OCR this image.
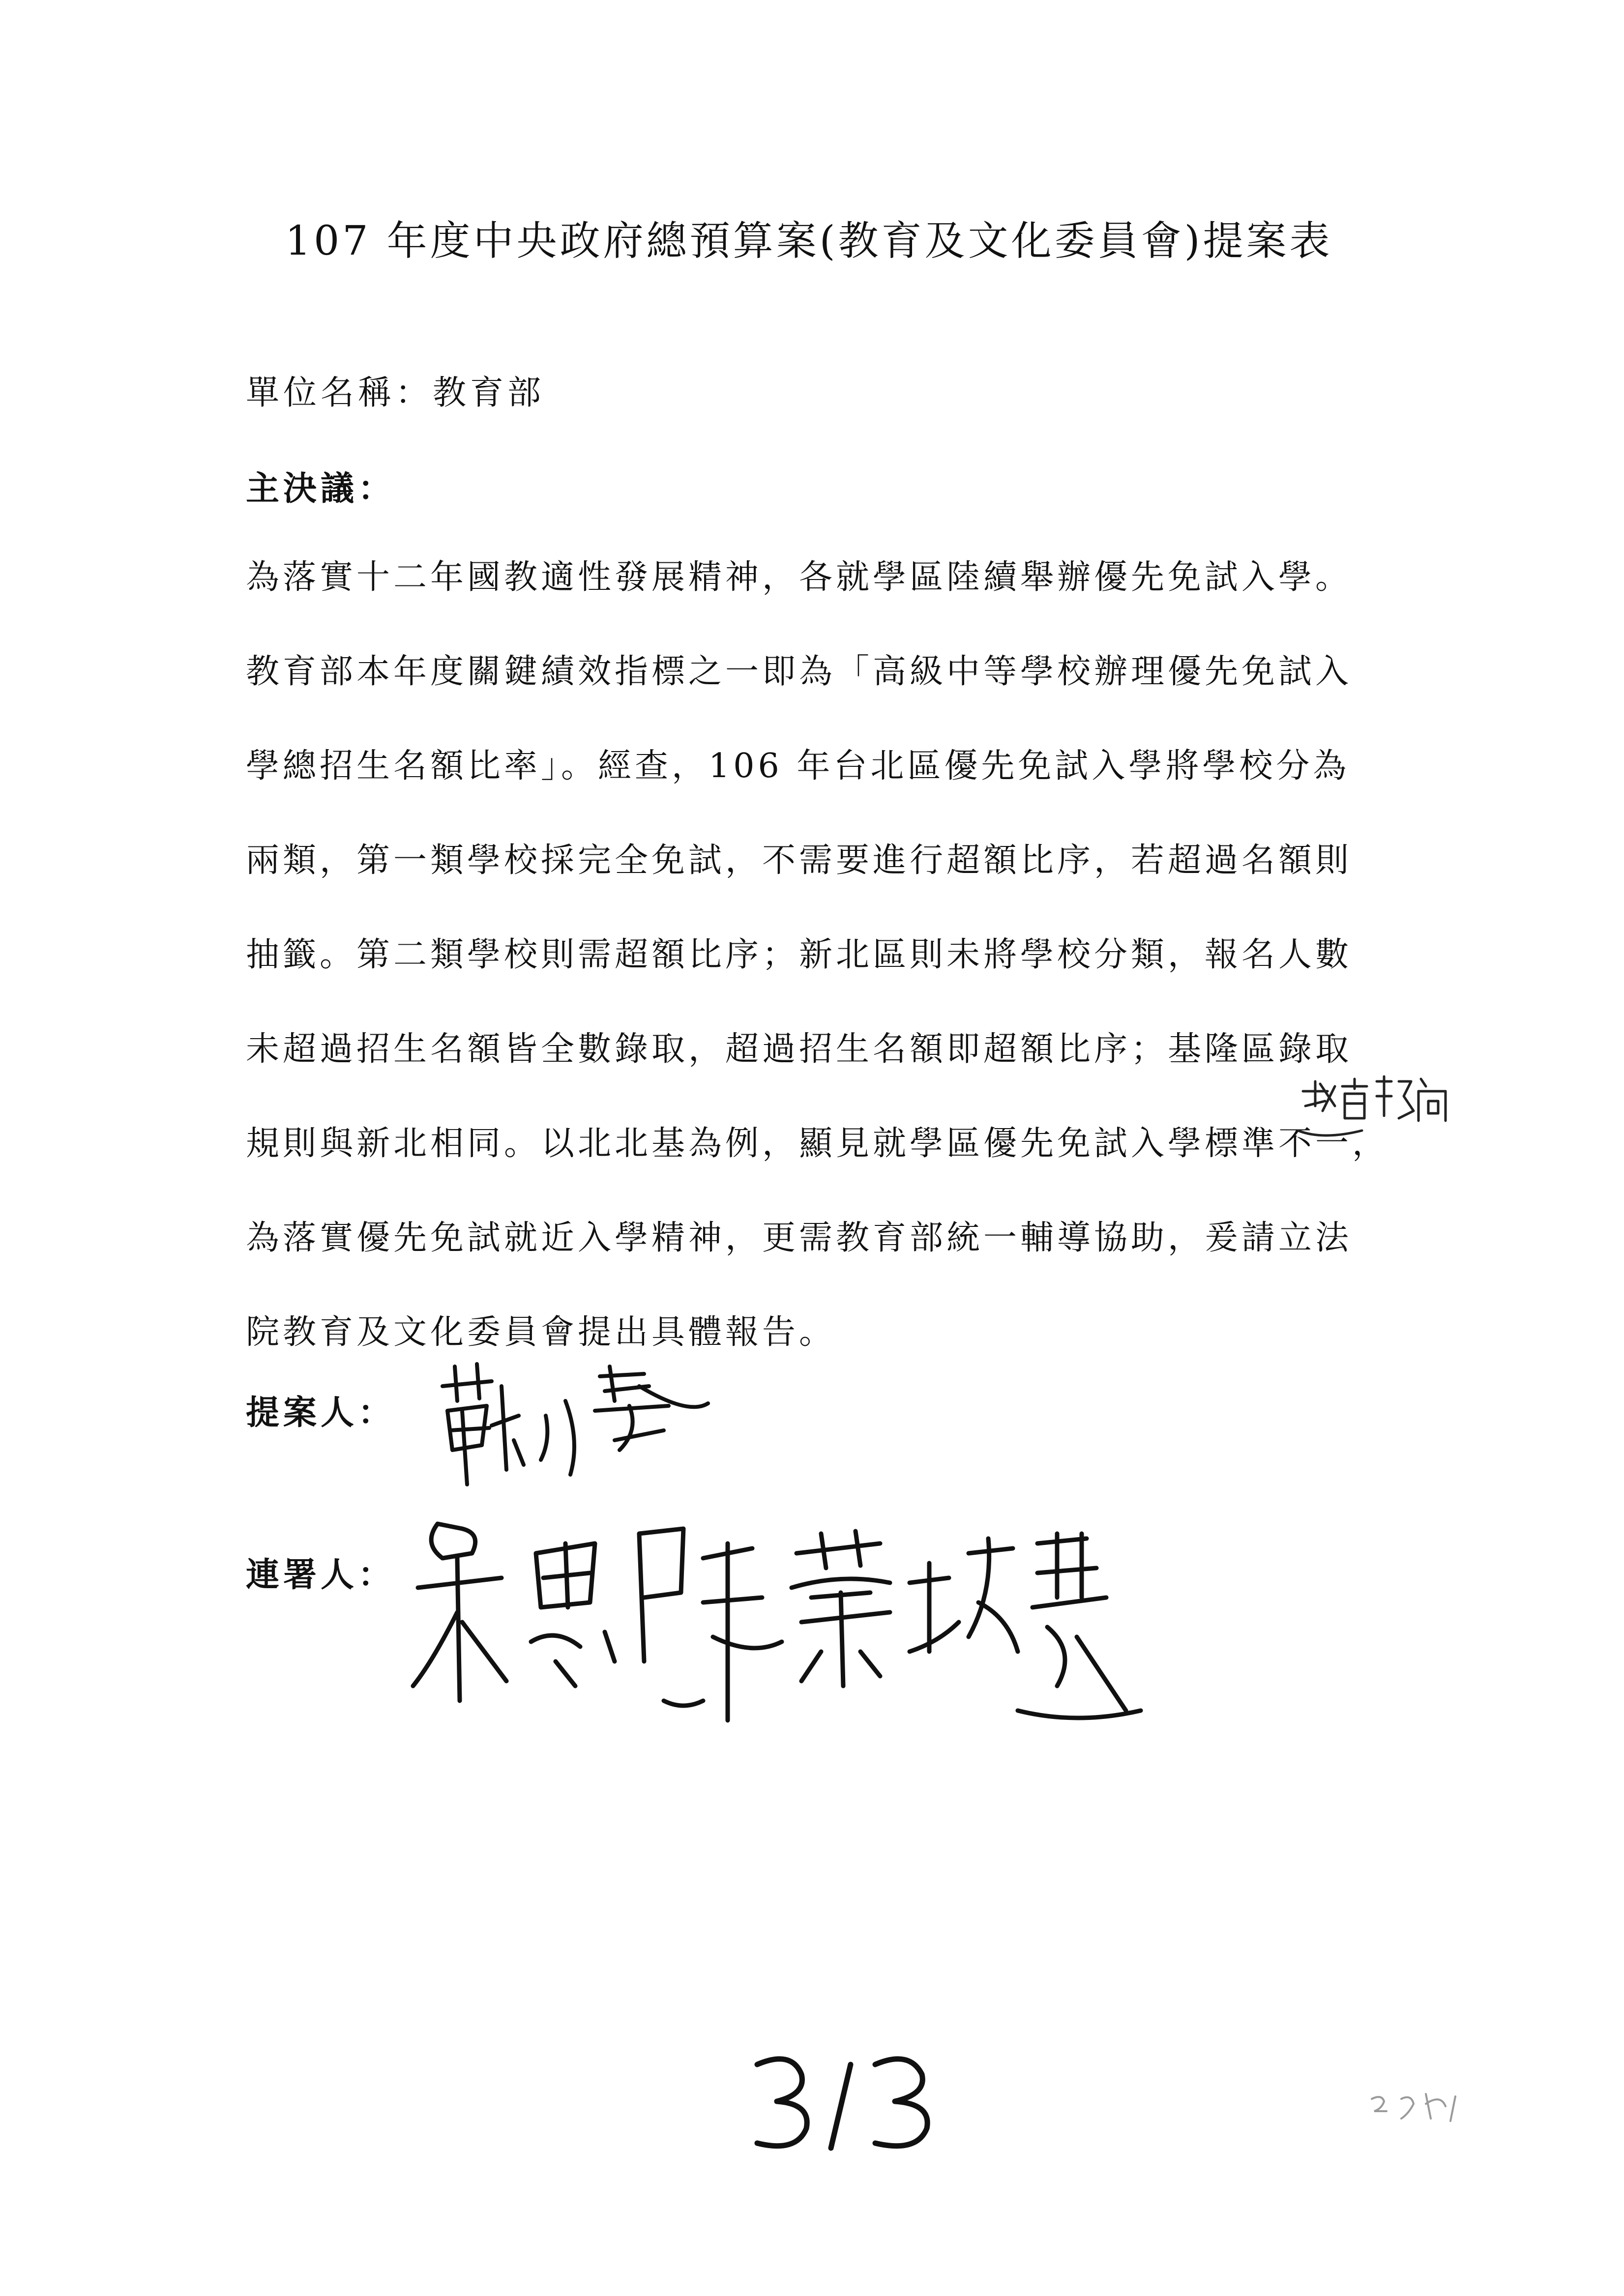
107 年度中央政府總預算案(教育及文化委員會)提案表
單位名稱：教育部
主決議：
為落實十二年國教適性發展精神，各就學區陸續舉辦優先免試入學。
教育部本年度關鍵績效指標之一即為「高級中等學校辦理優先免試入
學總招生名額比率」。經查，106 年台北區優先免試入學將學校分為
兩類，第一類學校採完全免試，不需要進行超額比序，若超過名額則
抽籤。第二類學校則需超額比序；新北區則未將學校分類，報名人數
未超過招生名額皆全數錄取，超過招生名額即超額比序；基隆區錄取
規則與新北相同。以北北基為例，顯見就學區優先免試入學標準不一，
為落實優先免試就近入學精神，更需教育部統一輔導協助，爰請立法
院教育及文化委員會提出具體報告。
提案人：
連署人：
